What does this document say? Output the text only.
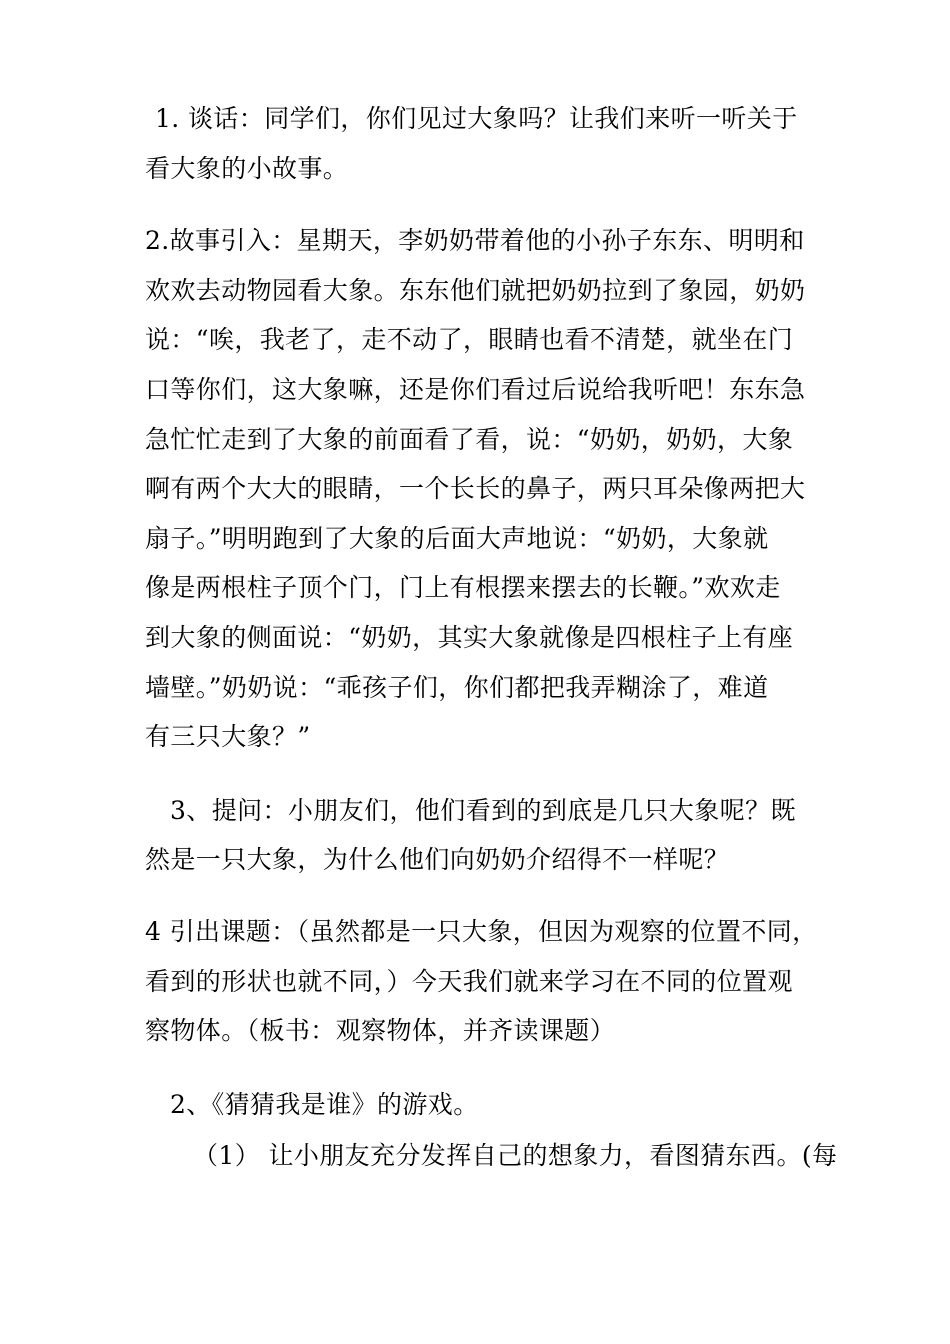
1. 谈话：同学们，你们见过大象吗？让我们来听一听关于
看大象的小故事。
2.故事引入：星期天，李奶奶带着他的小孙子东东、明明和
欢欢去动物园看大象。东东他们就把奶奶拉到了象园，奶奶
说：“唉，我老了，走不动了，眼睛也看不清楚，就坐在门
口等你们，这大象嘛，还是你们看过后说给我听吧！东东急
急忙忙走到了大象的前面看了看，说：“奶奶，奶奶，大象
啊有两个大大的眼睛，一个长长的鼻子，两只耳朵像两把大
扇子。”明明跑到了大象的后面大声地说：“奶奶，大象就
像是两根柱子顶个门，门上有根摆来摆去的长鞭。”欢欢走
到大象的侧面说：“奶奶，其实大象就像是四根柱子上有座
墙壁。”奶奶说：“乖孩子们，你们都把我弄糊涂了，难道
有三只大象？”
3、提问：小朋友们，他们看到的到底是几只大象呢？既
然是一只大象，为什么他们向奶奶介绍得不一样呢？
4 引出课题：（虽然都是一只大象，但因为观察的位置不同，
看到的形状也就不同，）今天我们就来学习在不同的位置观
察物体。（板书：观察物体，并齐读课题）
2、《猜猜我是谁》的游戏。
（1） 让小朋友充分发挥自己的想象力，看图猜东西。(每
